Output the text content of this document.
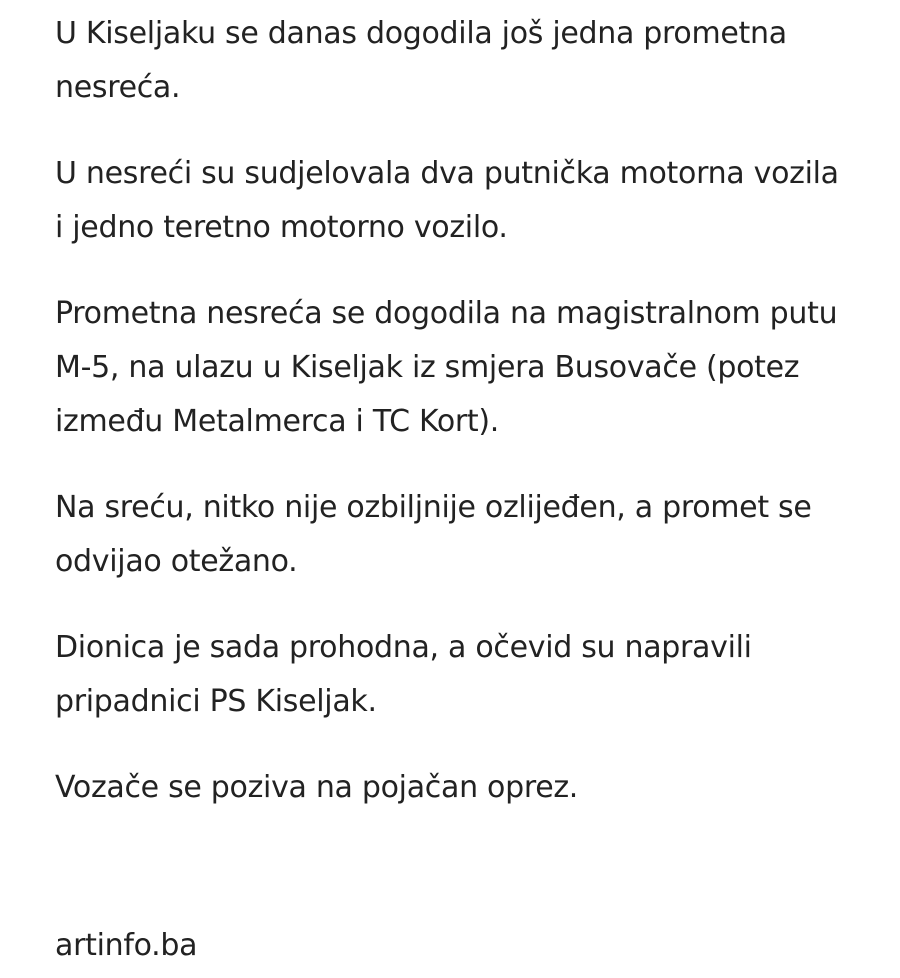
U Kiseljaku se danas dogodila još jedna prometna nesreća.

U nesreći su sudjelovala dva putnička motorna vozila i jedno teretno motorno vozilo.

Prometna nesreća se dogodila na magistralnom putu M-5, na ulazu u Kiseljak iz smjera Busovače (potez između Metalmerca i TC Kort).

Na sreću, nitko nije ozbiljnije ozlijeđen, a promet se odvijao otežano.

Dionica je sada prohodna, a očevid su napravili pripadnici PS Kiseljak.

Vozače se poziva na pojačan oprez.

artinfo.ba
